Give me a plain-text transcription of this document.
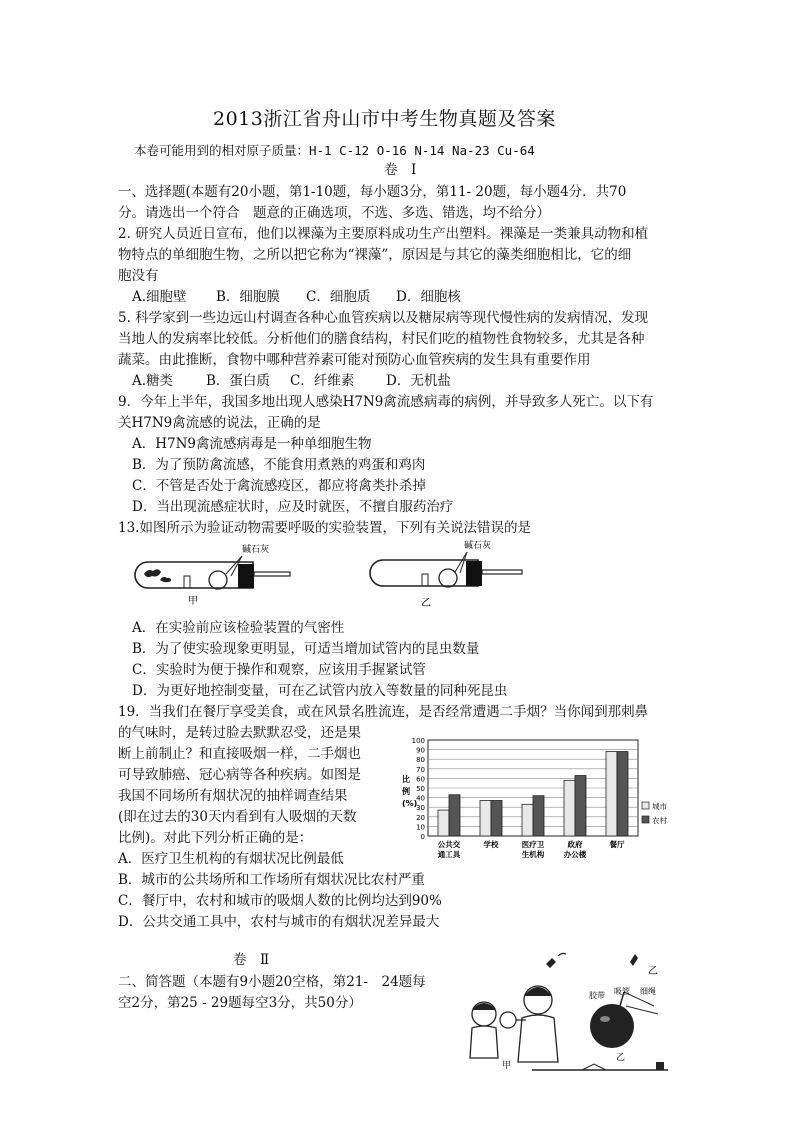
2013浙江省舟山市中考生物真题及答案
本卷可能用到的相对原子质量：H-1 C-12 O-16 N-14 Na-23 Cu-64
卷　Ⅰ
一、选择题(本题有20小题，第1-10题，每小题3分，第11- 20题，每小题4分．共70
分。请选出一个符合　题意的正确选项，不选、多选、错选，均不给分）
2. 研究人员近日宣布，他们以裸藻为主要原料成功生产出塑料。裸藻是一类兼具动物和植
物特点的单细胞生物，之所以把它称为“裸藻”，原因是与其它的藻类细胞相比，它的细
胞没有
A.细胞壁 B．细胞膜 C．细胞质 D．细胞核
5. 科学家到一些边远山村调查各种心血管疾病以及糖尿病等现代慢性病的发病情况，发现
当地人的发病率比较低。分析他们的膳食结构，村民们吃的植物性食物较多，尤其是各种
蔬菜。由此推断，食物中哪种营养素可能对预防心血管疾病的发生具有重要作用
A.糖类 B．蛋白质 C．纤维素 D．无机盐
9．今年上半年，我国多地出现人感染H7N9禽流感病毒的病例，并导致多人死亡。以下有
关H7N9禽流感的说法，正确的是
A．H7N9禽流感病毒是一种单细胞生物
B．为了预防禽流感，不能食用煮熟的鸡蛋和鸡肉
C．不管是否处于禽流感疫区，都应将禽类扑杀掉
D．当出现流感症状时，应及时就医，不擅自服药治疗
13.如图所示为验证动物需要呼吸的实验装置，下列有关说法错误的是
碱石灰
甲
碱石灰
乙
A．在实验前应该检验装置的气密性
B．为了使实验现象更明显，可适当增加试管内的昆虫数量
C．实验时为便于操作和观察，应该用手握紧试管
D．为更好地控制变量，可在乙试管内放入等数量的同种死昆虫
19．当我们在餐厅享受美食，或在风景名胜流连，是否经常遭遇二手烟？当你闻到那刺鼻
的气味时，是转过脸去默默忍受，还是果
断上前制止？和直接吸烟一样，二手烟也
可导致肺癌、冠心病等各种疾病。如图是
我国不同场所有烟状况的抽样调查结果
(即在过去的30天内看到有人吸烟的天数
比例)。对此下列分析正确的是：
A．医疗卫生机构的有烟状况比例最低
B．城市的公共场所和工作场所有烟状况比农村严重
C．餐厅中，农村和城市的吸烟人数的比例均达到90%
D．公共交通工具中，农村与城市的有烟状况差异最大
0
10
20
30
40
50
60
70
80
90
100
比
例
(%)
公共交
通工具
学校	医疗卫
生机构
政府
办公楼
餐厅
城市
农村
卷　Ⅱ
二、简答题（本题有9小题20空格，第21-　24题每
空2分，第25 - 29题每空3分，共50分）
乙
胶带 吸管 细绳
乙
甲
